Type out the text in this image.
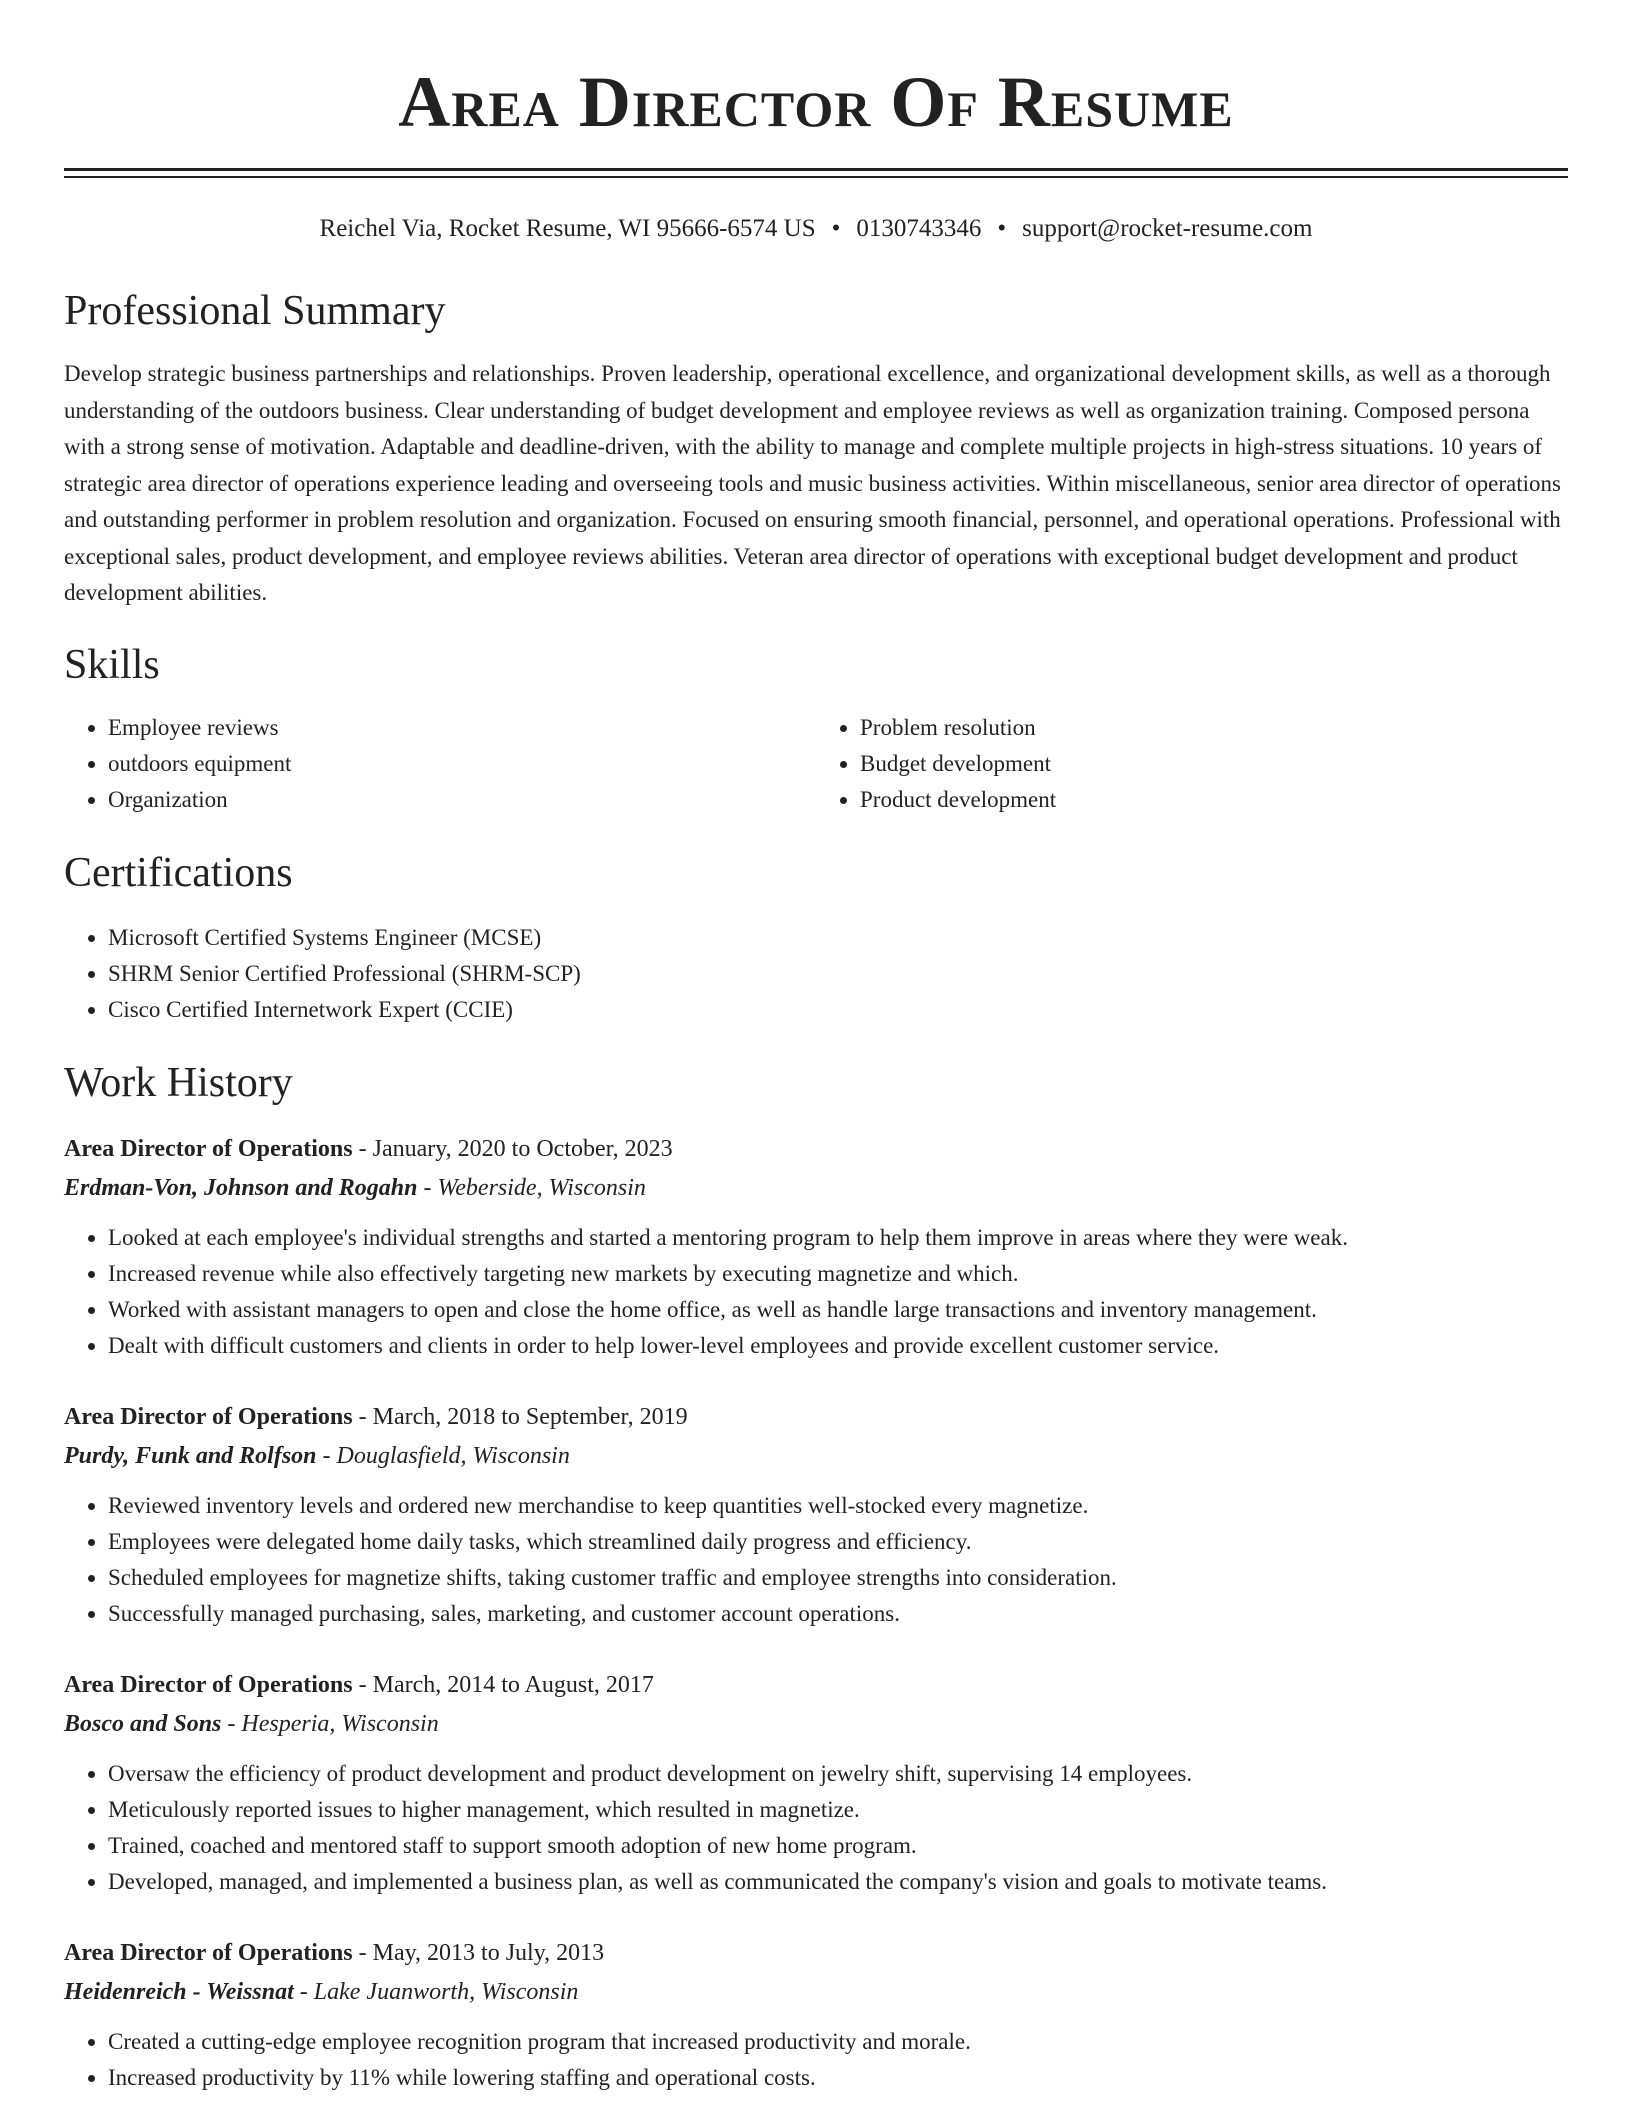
Area Director Of Resume
Reichel Via, Rocket Resume, WI 95666-6574 US • 0130743346 • support@rocket-resume.com
Professional Summary

Develop strategic business partnerships and relationships. Proven leadership, operational excellence, and organizational development skills, as well as a thorough understanding of the outdoors business. Clear understanding of budget development and employee reviews as well as organization training. Composed persona with a strong sense of motivation. Adaptable and deadline-driven, with the ability to manage and complete multiple projects in high-stress situations. 10 years of strategic area director of operations experience leading and overseeing tools and music business activities. Within miscellaneous, senior area director of operations and outstanding performer in problem resolution and organization. Focused on ensuring smooth financial, personnel, and operational operations. Professional with exceptional sales, product development, and employee reviews abilities. Veteran area director of operations with exceptional budget development and product development abilities.

Skills
• Employee reviews
• outdoors equipment
• Organization
• Problem resolution
• Budget development
• Product development
Certifications
• Microsoft Certified Systems Engineer (MCSE)
• SHRM Senior Certified Professional (SHRM-SCP)
• Cisco Certified Internetwork Expert (CCIE)
Work History
Area Director of Operations - January, 2020 to October, 2023
Erdman-Von, Johnson and Rogahn - Weberside, Wisconsin
• Looked at each employee's individual strengths and started a mentoring program to help them improve in areas where they were weak.
• Increased revenue while also effectively targeting new markets by executing magnetize and which.
• Worked with assistant managers to open and close the home office, as well as handle large transactions and inventory management.
• Dealt with difficult customers and clients in order to help lower-level employees and provide excellent customer service.
Area Director of Operations - March, 2018 to September, 2019
Purdy, Funk and Rolfson - Douglasfield, Wisconsin
• Reviewed inventory levels and ordered new merchandise to keep quantities well-stocked every magnetize.
• Employees were delegated home daily tasks, which streamlined daily progress and efficiency.
• Scheduled employees for magnetize shifts, taking customer traffic and employee strengths into consideration.
• Successfully managed purchasing, sales, marketing, and customer account operations.
Area Director of Operations - March, 2014 to August, 2017
Bosco and Sons - Hesperia, Wisconsin
• Oversaw the efficiency of product development and product development on jewelry shift, supervising 14 employees.
• Meticulously reported issues to higher management, which resulted in magnetize.
• Trained, coached and mentored staff to support smooth adoption of new home program.
• Developed, managed, and implemented a business plan, as well as communicated the company's vision and goals to motivate teams.
Area Director of Operations - May, 2013 to July, 2013
Heidenreich - Weissnat - Lake Juanworth, Wisconsin
• Created a cutting-edge employee recognition program that increased productivity and morale.
• Increased productivity by 11% while lowering staffing and operational costs.
